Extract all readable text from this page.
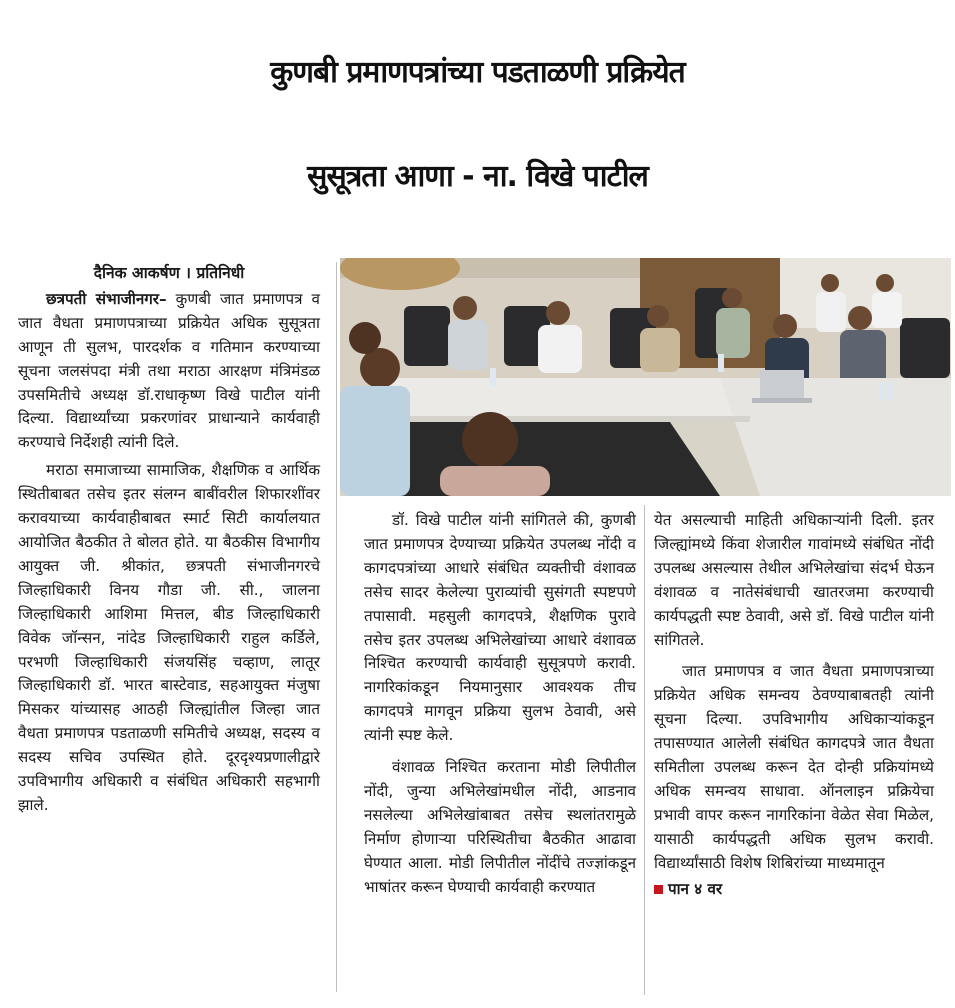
कुणबी प्रमाणपत्रांच्या पडताळणी प्रक्रियेत
सुसूत्रता आणा - ना. विखे पाटील
दैनिक आकर्षण । प्रतिनिधी

छत्रपती संभाजीनगर– कुणबी जात प्रमाणपत्र व जात वैधता प्रमाणपत्राच्या प्रक्रियेत अधिक सुसूत्रता आणून ती सुलभ, पारदर्शक व गतिमान करण्याच्या सूचना जलसंपदा मंत्री तथा मराठा आरक्षण मंत्रिमंडळ उपसमितीचे अध्यक्ष डॉ.राधाकृष्ण विखे पाटील यांनी दिल्या. विद्यार्थ्यांच्या प्रकरणांवर प्राधान्याने कार्यवाही करण्याचे निर्देशही त्यांनी दिले.

मराठा समाजाच्या सामाजिक, शैक्षणिक व आर्थिक स्थितीबाबत तसेच इतर संलग्न बाबींवरील शिफारशींवर करावयाच्या कार्यवाहीबाबत स्मार्ट सिटी कार्यालयात आयोजित बैठकीत ते बोलत होते. या बैठकीस विभागीय आयुक्त जी. श्रीकांत, छत्रपती संभाजीनगरचे जिल्हाधिकारी विनय गौडा जी. सी., जालना जिल्हाधिकारी आशिमा मित्तल, बीड जिल्हाधिकारी विवेक जॉन्सन, नांदेड जिल्हाधिकारी राहुल कर्डिले, परभणी जिल्हाधिकारी संजयसिंह चव्हाण, लातूर जिल्हाधिकारी डॉ. भारत बास्टेवाड, सहआयुक्त मंजुषा मिसकर यांच्यासह आठही जिल्ह्यांतील जिल्हा जात वैधता प्रमाणपत्र पडताळणी समितीचे अध्यक्ष, सदस्य व सदस्य सचिव उपस्थित होते. दूरदृश्यप्रणालीद्वारे उपविभागीय अधिकारी व संबंधित अधिकारी सहभागी झाले.

डॉ. विखे पाटील यांनी सांगितले की, कुणबी जात प्रमाणपत्र देण्याच्या प्रक्रियेत उपलब्ध नोंदी व कागदपत्रांच्या आधारे संबंधित व्यक्तीची वंशावळ तसेच सादर केलेल्या पुराव्यांची सुसंगती स्पष्टपणे तपासावी. महसुली कागदपत्रे, शैक्षणिक पुरावे तसेच इतर उपलब्ध अभिलेखांच्या आधारे वंशावळ निश्चित करण्याची कार्यवाही सुसूत्रपणे करावी. नागरिकांकडून नियमानुसार आवश्यक तीच कागदपत्रे मागवून प्रक्रिया सुलभ ठेवावी, असे त्यांनी स्पष्ट केले.

वंशावळ निश्चित करताना मोडी लिपीतील नोंदी, जुन्या अभिलेखांमधील नोंदी, आडनाव नसलेल्या अभिलेखांबाबत तसेच स्थलांतरामुळे निर्माण होणाऱ्या परिस्थितीचा बैठकीत आढावा घेण्यात आला. मोडी लिपीतील नोंदींचे तज्ज्ञांकडून भाषांतर करून घेण्याची कार्यवाही करण्यात

येत असल्याची माहिती अधिकाऱ्यांनी दिली. इतर जिल्ह्यांमध्ये किंवा शेजारील गावांमध्ये संबंधित नोंदी उपलब्ध असल्यास तेथील अभिलेखांचा संदर्भ घेऊन वंशावळ व नातेसंबंधाची खातरजमा करण्याची कार्यपद्धती स्पष्ट ठेवावी, असे डॉ. विखे पाटील यांनी सांगितले.

जात प्रमाणपत्र व जात वैधता प्रमाणपत्राच्या प्रक्रियेत अधिक समन्वय ठेवण्याबाबतही त्यांनी सूचना दिल्या. उपविभागीय अधिकाऱ्यांकडून तपासण्यात आलेली संबंधित कागदपत्रे जात वैधता समितीला उपलब्ध करून देत दोन्ही प्रक्रियांमध्ये अधिक समन्वय साधावा. ऑनलाइन प्रक्रियेचा प्रभावी वापर करून नागरिकांना वेळेत सेवा मिळेल, यासाठी कार्यपद्धती अधिक सुलभ करावी. विद्यार्थ्यांसाठी विशेष शिबिरांच्या माध्यमातून

पान ४ वर
